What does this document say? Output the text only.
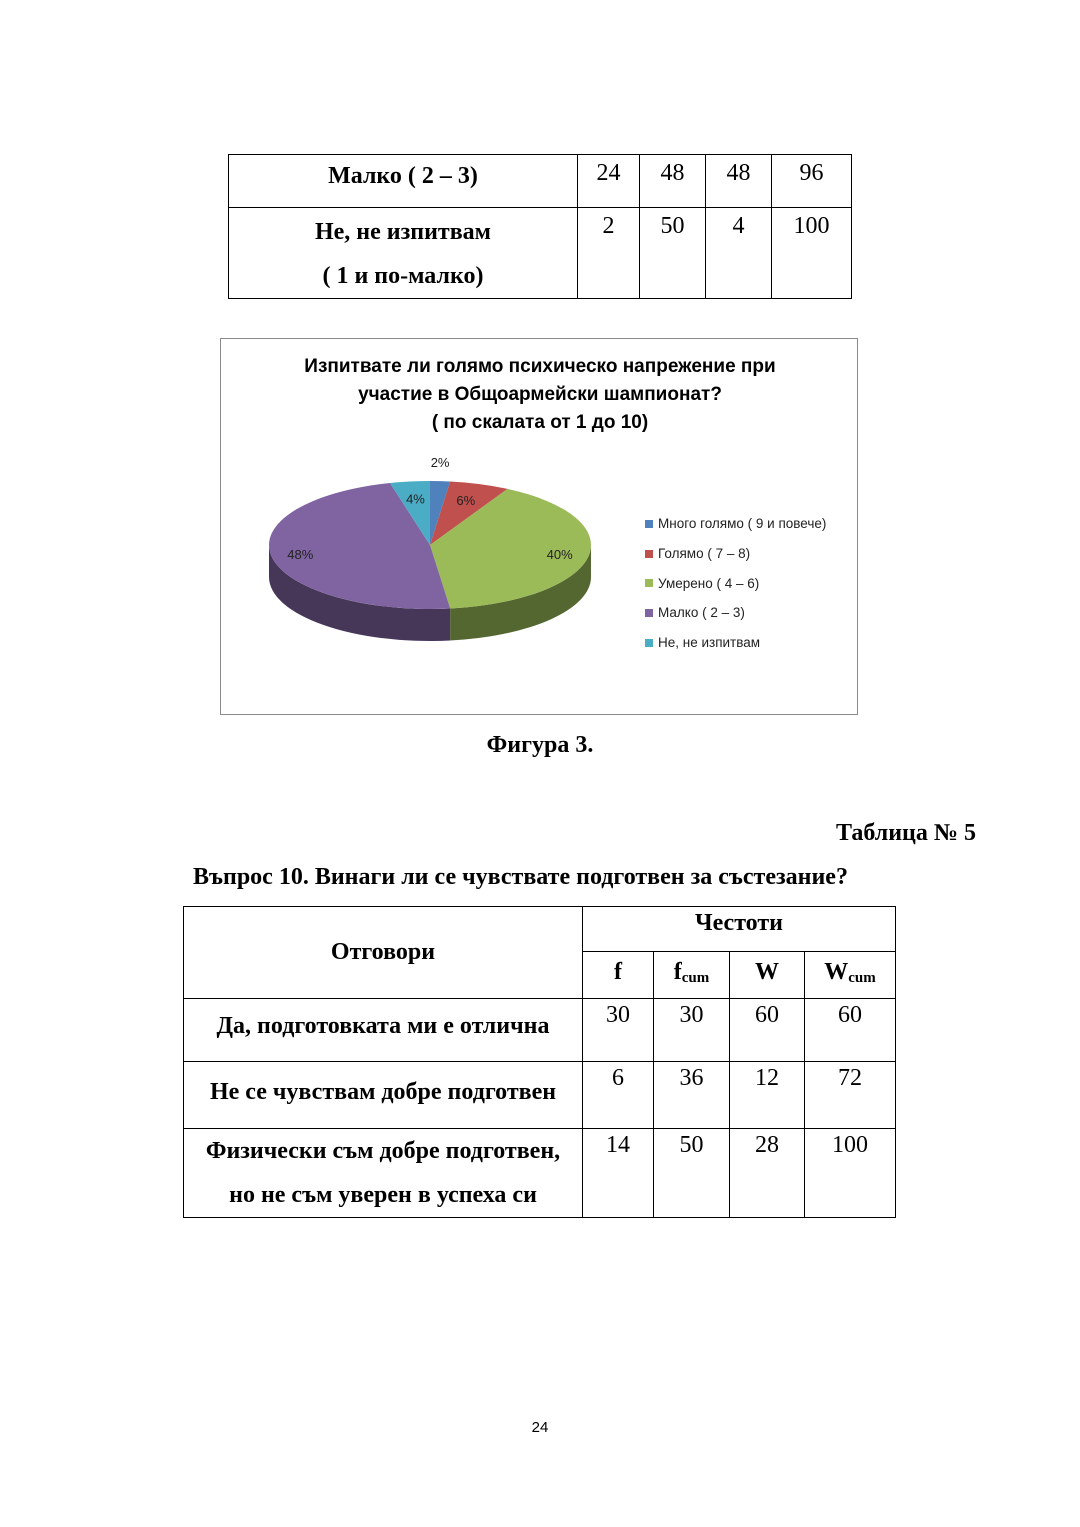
Малко ( 2 – 3)	24	48	48	96

Не, не изпитвам
( 1 и по-малко)	2	50	4	100
Изпитвате ли голямо психическо напрежение при
участие в Общоармейски шампионат?
( по скалата от 1 до 10)
2%
6%
40%
48%
4%
Много голямо ( 9 и повече)
Голямо ( 7 – 8)
Умерено ( 4 – 6)
Малко ( 2 – 3)
Не, не изпитвам
Фигура 3.
Таблица № 5
Въпрос 10. Винаги ли се чувствате подготвен за състезание?
Отговори	Честоти			
	f	$f_{cum}$	W	$W_{cum}$
Да, подготовката ми е отлична	30	30	60	60
Не се чувствам добре подготвен	6	36	12	72

Физически съм добре подготвен,
но не съм уверен в успеха си	14	50	28	100
24
